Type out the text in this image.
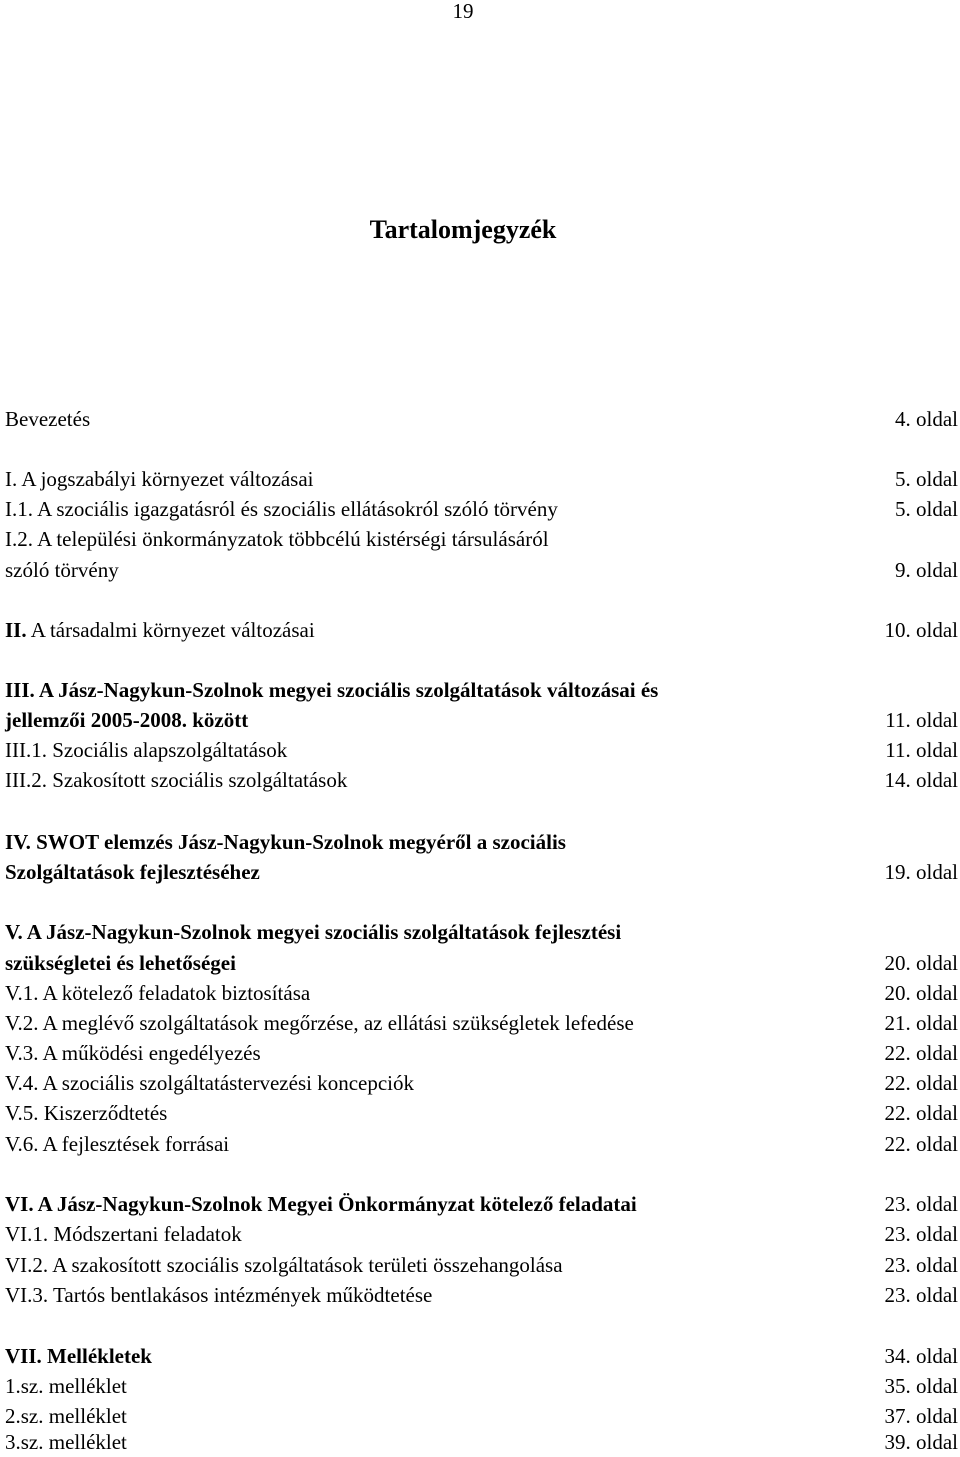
19
Tartalomjegyzék
Bevezetés	4. oldal
I. A jogszabályi környezet változásai	5. oldal
I.1. A szociális igazgatásról és szociális ellátásokról szóló törvény	5. oldal
I.2. A települési önkormányzatok többcélú kistérségi társulásáról
szóló törvény	9. oldal
II. A társadalmi környezet változásai	10. oldal
III. A Jász-Nagykun-Szolnok megyei szociális szolgáltatások változásai és
jellemzői 2005-2008. között	11. oldal
III.1. Szociális alapszolgáltatások	11. oldal
III.2. Szakosított szociális szolgáltatások	14. oldal
IV. SWOT elemzés Jász-Nagykun-Szolnok megyéről a szociális
Szolgáltatások fejlesztéséhez	19. oldal
V. A Jász-Nagykun-Szolnok megyei szociális szolgáltatások fejlesztési
szükségletei és lehetőségei	20. oldal
V.1. A kötelező feladatok biztosítása	20. oldal
V.2. A meglévő szolgáltatások megőrzése, az ellátási szükségletek lefedése	21. oldal
V.3. A működési engedélyezés	22. oldal
V.4. A szociális szolgáltatástervezési koncepciók	22. oldal
V.5. Kiszerződtetés	22. oldal
V.6. A fejlesztések forrásai	22. oldal
VI. A Jász-Nagykun-Szolnok Megyei Önkormányzat kötelező feladatai	23. oldal
VI.1. Módszertani feladatok	23. oldal
VI.2. A szakosított szociális szolgáltatások területi összehangolása	23. oldal
VI.3. Tartós bentlakásos intézmények működtetése	23. oldal
VII. Mellékletek	34. oldal
1.sz. melléklet	35. oldal
2.sz. melléklet	37. oldal
3.sz. melléklet	39. oldal
